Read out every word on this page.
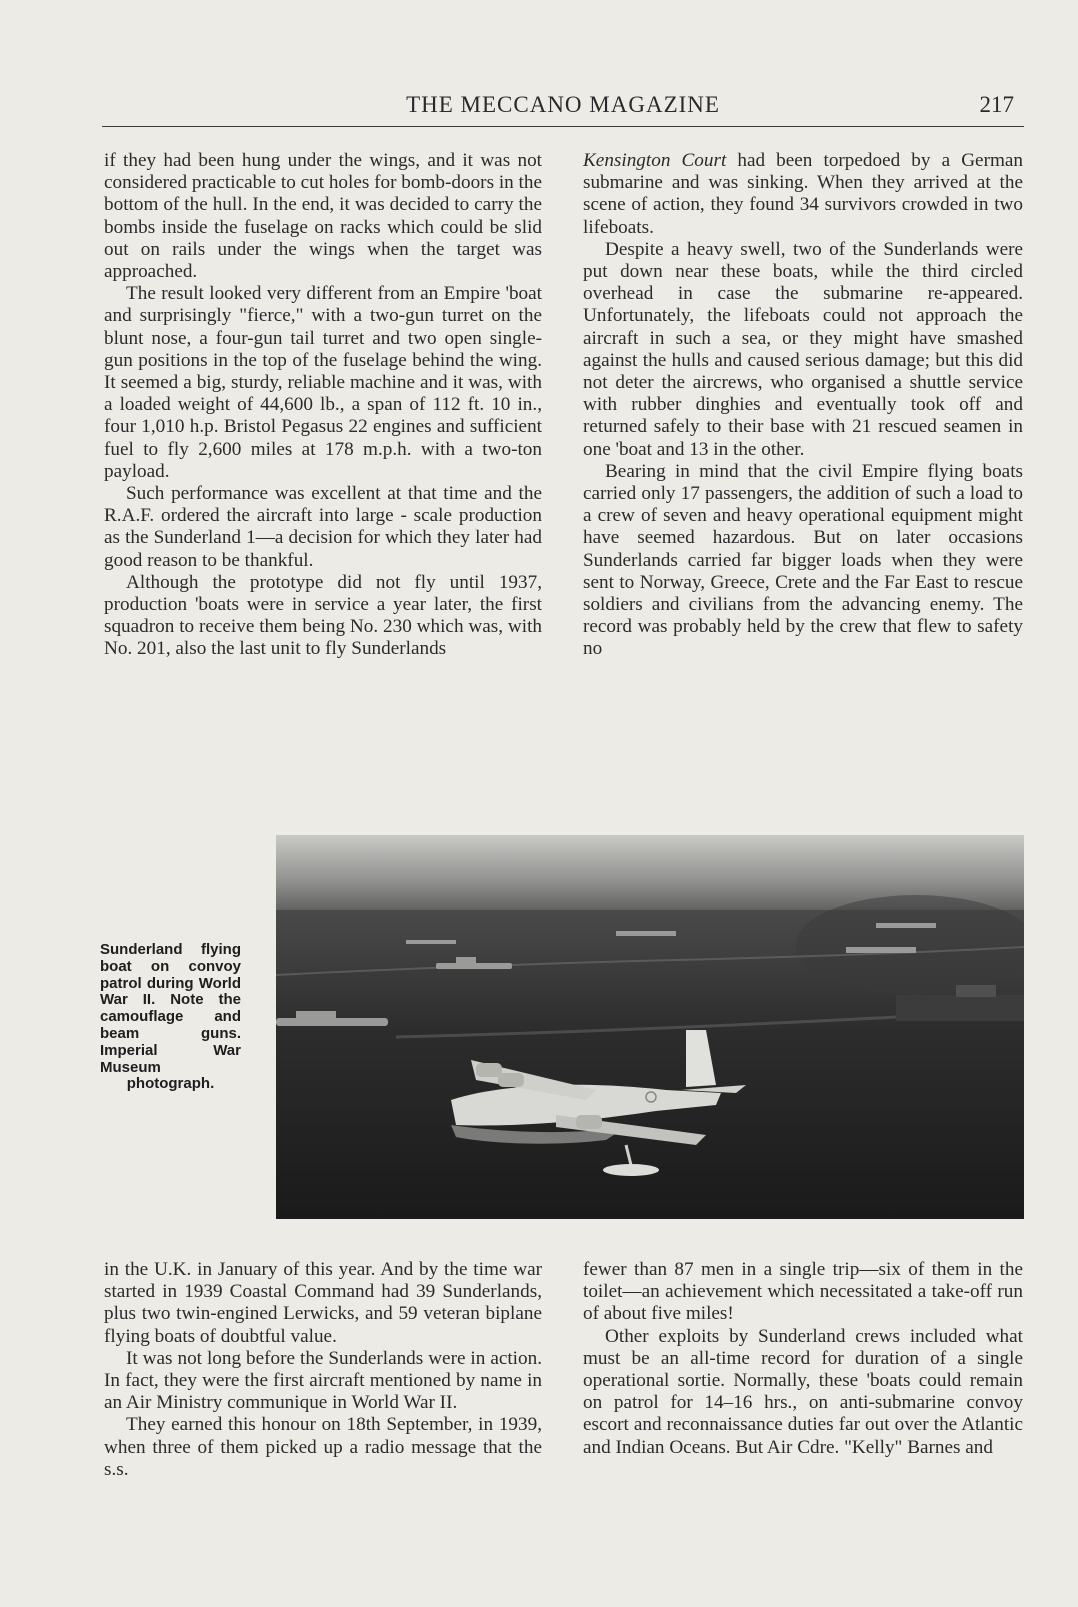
THE MECCANO MAGAZINE	217

if they had been hung under the wings, and it was not considered practicable to cut holes for bomb-doors in the bottom of the hull. In the end, it was decided to carry the bombs inside the fuselage on racks which could be slid out on rails under the wings when the target was approached.

The result looked very different from an Empire 'boat and surprisingly "fierce," with a two-gun turret on the blunt nose, a four-gun tail turret and two open single-gun positions in the top of the fuselage behind the wing. It seemed a big, sturdy, reliable machine and it was, with a loaded weight of 44,600 lb., a span of 112 ft. 10 in., four 1,010 h.p. Bristol Pegasus 22 engines and sufficient fuel to fly 2,600 miles at 178 m.p.h. with a two-ton payload.

Such performance was excellent at that time and the R.A.F. ordered the aircraft into large - scale production as the Sunderland 1—a decision for which they later had good reason to be thankful.

Although the prototype did not fly until 1937, production 'boats were in service a year later, the first squadron to receive them being No. 230 which was, with No. 201, also the last unit to fly Sunderlands

Kensington Court had been torpedoed by a German submarine and was sinking. When they arrived at the scene of action, they found 34 survivors crowded in two lifeboats.

Despite a heavy swell, two of the Sunderlands were put down near these boats, while the third circled overhead in case the submarine re-appeared. Unfortunately, the lifeboats could not approach the aircraft in such a sea, or they might have smashed against the hulls and caused serious damage; but this did not deter the aircrews, who organised a shuttle service with rubber dinghies and eventually took off and returned safely to their base with 21 rescued seamen in one 'boat and 13 in the other.

Bearing in mind that the civil Empire flying boats carried only 17 passengers, the addition of such a load to a crew of seven and heavy operational equipment might have seemed hazardous. But on later occasions Sunderlands carried far bigger loads when they were sent to Norway, Greece, Crete and the Far East to rescue soldiers and civilians from the advancing enemy. The record was probably held by the crew that flew to safety no

Sunderland flying boat on convoy patrol during World War II. Note the camouflage and beam guns. Imperial War Museum photograph.

in the U.K. in January of this year. And by the time war started in 1939 Coastal Command had 39 Sunderlands, plus two twin-engined Lerwicks, and 59 veteran biplane flying boats of doubtful value.

It was not long before the Sunderlands were in action. In fact, they were the first aircraft mentioned by name in an Air Ministry communique in World War II.

They earned this honour on 18th September, in 1939, when three of them picked up a radio message that the s.s.

fewer than 87 men in a single trip—six of them in the toilet—an achievement which necessitated a take-off run of about five miles!

Other exploits by Sunderland crews included what must be an all-time record for duration of a single operational sortie. Normally, these 'boats could remain on patrol for 14–16 hrs., on anti-submarine convoy escort and reconnaissance duties far out over the Atlantic and Indian Oceans. But Air Cdre. "Kelly" Barnes and
